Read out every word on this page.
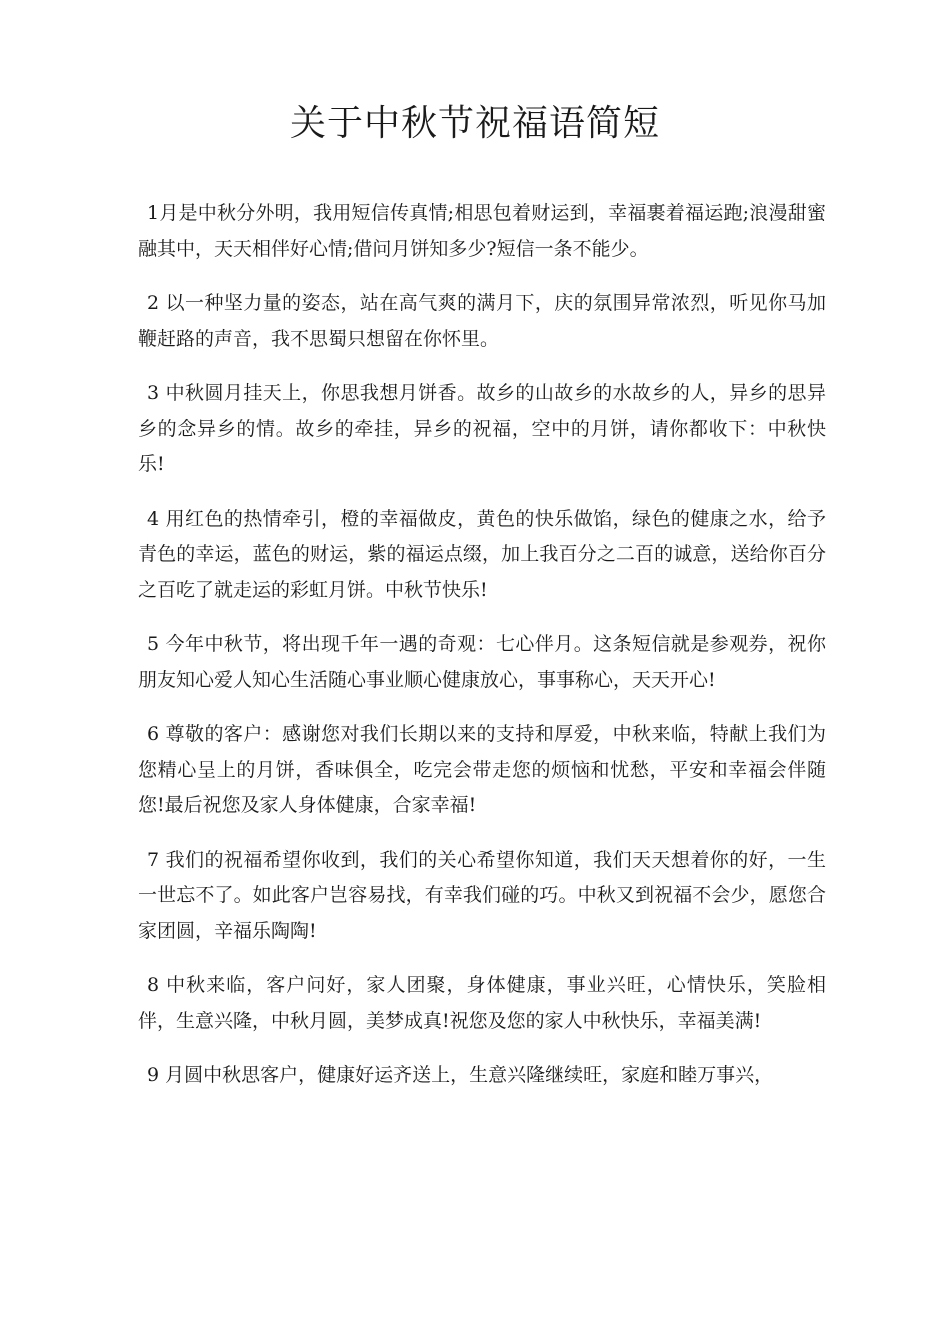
关于中秋节祝福语简短

1月是中秋分外明，我用短信传真情;相思包着财运到，幸福裹着福运跑;浪漫甜蜜融其中，天天相伴好心情;借问月饼知多少?短信一条不能少。

2 以一种坚力量的姿态，站在高气爽的满月下，庆的氛围异常浓烈，听见你马加鞭赶路的声音，我不思蜀只想留在你怀里。

3 中秋圆月挂天上，你思我想月饼香。故乡的山故乡的水故乡的人，异乡的思异乡的念异乡的情。故乡的牵挂，异乡的祝福，空中的月饼，请你都收下：中秋快乐!

4 用红色的热情牵引，橙的幸福做皮，黄色的快乐做馅，绿色的健康之水，给予青色的幸运，蓝色的财运，紫的福运点缀，加上我百分之二百的诚意，送给你百分之百吃了就走运的彩虹月饼。中秋节快乐!

5 今年中秋节，将出现千年一遇的奇观：七心伴月。这条短信就是参观券，祝你朋友知心爱人知心生活随心事业顺心健康放心，事事称心，天天开心!

6 尊敬的客户：感谢您对我们长期以来的支持和厚爱，中秋来临，特献上我们为您精心呈上的月饼，香味俱全，吃完会带走您的烦恼和忧愁，平安和幸福会伴随您!最后祝您及家人身体健康，合家幸福!

7 我们的祝福希望你收到，我们的关心希望你知道，我们天天想着你的好，一生一世忘不了。如此客户岂容易找，有幸我们碰的巧。中秋又到祝福不会少，愿您合家团圆，辛福乐陶陶!

8 中秋来临，客户问好，家人团聚，身体健康，事业兴旺，心情快乐，笑脸相伴，生意兴隆，中秋月圆，美梦成真!祝您及您的家人中秋快乐，幸福美满!

9 月圆中秋思客户，健康好运齐送上，生意兴隆继续旺，家庭和睦万事兴，
